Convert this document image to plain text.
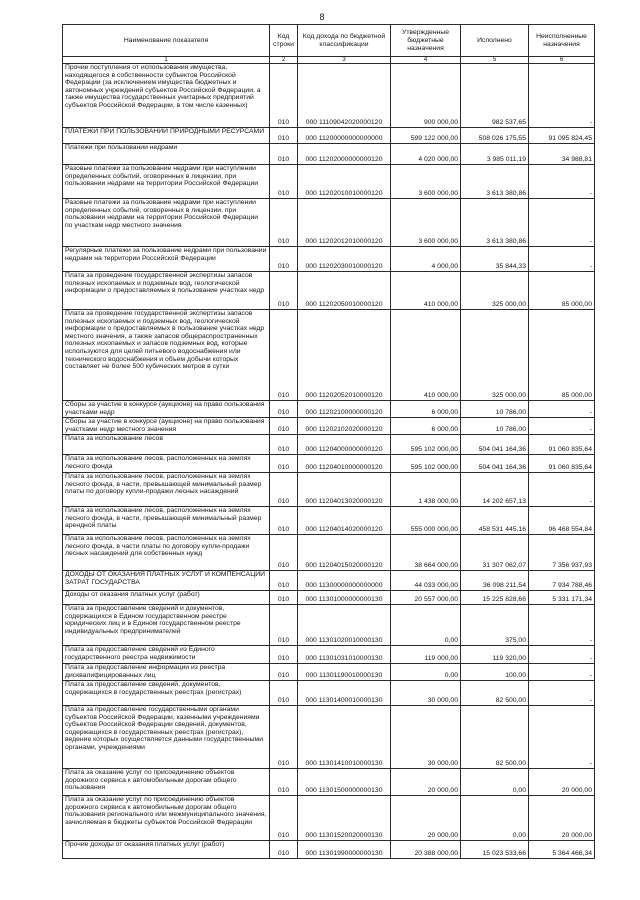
8
Наименование показателя	Код строки	Код дохода по бюджетной классификации	Утвержденные бюджетные назначения	Исполнено	Неисполненные назначения
1	2	3	4	5	6
Прочие поступления от использования имущества, находящегося в собственности субъектов Российской Федерации (за исключением имущества бюджетных и автономных учреждений субъектов Российской Федерации, а также имущества государственных унитарных предприятий субъектов Российской Федерации, в том числе казенных)	010	000 11109042020000120	900 000,00	982 537,65	-
ПЛАТЕЖИ ПРИ ПОЛЬЗОВАНИИ ПРИРОДНЫМИ РЕСУРСАМИ	010	000 11200000000000000	599 122 000,00	508 026 175,55	91 095 824,45
Платежи при пользовании недрами	010	000 11202000000000120	4 020 000,00	3 985 011,19	34 988,81
Разовые платежи за пользование недрами при наступлении определенных событий, оговоренных в лицензии, при пользовании недрами на территории Российской Федерации	010	000 11202010010000120	3 600 000,00	3 613 380,86	-
Разовые платежи за пользование недрами при наступлении определенных событий, оговоренных в лицензии, при пользовании недрами на территории Российской Федерации по участкам недр местного значения	010	000 11202012010000120	3 600 000,00	3 613 380,86	-
Регулярные платежи за пользование недрами при пользовании недрами на территории Российской Федерации	010	000 11202030010000120	4 000,00	35 844,33	-
Плата за проведение государственной экспертизы запасов полезных ископаемых и подземных вод, геологической информации о предоставляемых в пользование участках недр	010	000 11202050010000120	410 000,00	325 000,00	85 000,00
Плата за проведение государственной экспертизы запасов полезных ископаемых и подземных вод, геологической информации о предоставляемых в пользование участках недр местного значения, а также запасов общераспространенных полезных ископаемых и запасов подземных вод, которые используются для целей питьевого водоснабжения или технического водоснабжения и объем добычи которых составляет не более 500 кубических метров в сутки	010	000 11202052010000120	410 000,00	325 000,00	85 000,00
Сборы за участие в конкурсе (аукционе) на право пользования участками недр	010	000 11202100000000120	6 000,00	10 786,00	-
Сборы за участие в конкурсе (аукционе) на право пользования участками недр местного значения	010	000 11202102020000120	6 000,00	10 786,00	-
Плата за использование лесов	010	000 11204000000000120	595 102 000,00	504 041 164,36	91 060 835,64
Плата за использование лесов, расположенных на землях лесного фонда	010	000 11204010000000120	595 102 000,00	504 041 164,36	91 060 835,64
Плата за использование лесов, расположенных на землях лесного фонда, в части, превышающей минимальный размер платы по договору купли-продажи лесных насаждений	010	000 11204013020000120	1 438 000,00	14 202 657,13	-
Плата за использование лесов, расположенных на землях лесного фонда, в части, превышающей минимальный размер арендной платы	010	000 11204014020000120	555 000 000,00	458 531 445,16	96 468 554,84
Плата за использование лесов, расположенных на землях лесного фонда, в части платы по договору купли-продажи лесных насаждений для собственных нужд	010	000 11204015020000120	38 664 000,00	31 307 062,07	7 356 937,93
ДОХОДЫ ОТ ОКАЗАНИЯ ПЛАТНЫХ УСЛУГ И КОМПЕНСАЦИИ ЗАТРАТ ГОСУДАРСТВА	010	000 11300000000000000	44 033 000,00	36 098 211,54	7 934 788,46
Доходы от оказания платных услуг (работ)	010	000 11301000000000130	20 557 000,00	15 225 828,66	5 331 171,34
Плата за предоставление сведений и документов, содержащихся в Едином государственном реестре юридических лиц и в Едином государственном реестре индивидуальных предпринимателей	010	000 11301020010000130	0,00	375,00	-
Плата за предоставление сведений из Единого государственного реестра недвижимости	010	000 11301031010000130	119 000,00	119 320,00	-
Плата за предоставление информации из реестра дисквалифицированных лиц	010	000 11301190010000130	0,00	100,00	-
Плата за предоставление сведений, документов, содержащихся в государственных реестрах (регистрах)	010	000 11301400010000130	30 000,00	82 500,00	-
Плата за предоставление государственными органами субъектов Российской Федерации, казенными учреждениями субъектов Российской Федерации сведений, документов, содержащихся в государственных реестрах (регистрах), ведение которых осуществляется данными государственными органами, учреждениями	010	000 11301410010000130	30 000,00	82 500,00	-
Плата за оказание услуг по присоединению объектов дорожного сервиса к автомобильным дорогам общего пользования	010	000 11301500000000130	20 000,00	0,00	20 000,00
Плата за оказание услуг по присоединению объектов дорожного сервиса к автомобильным дорогам общего пользования регионального или межмуниципального значения, зачисляемая в бюджеты субъектов Российской Федерации	010	000 11301520020000130	20 000,00	0,00	20 000,00
Прочие доходы от оказания платных услуг (работ)	010	000 11301990000000130	20 388 000,00	15 023 533,66	5 364 466,34
